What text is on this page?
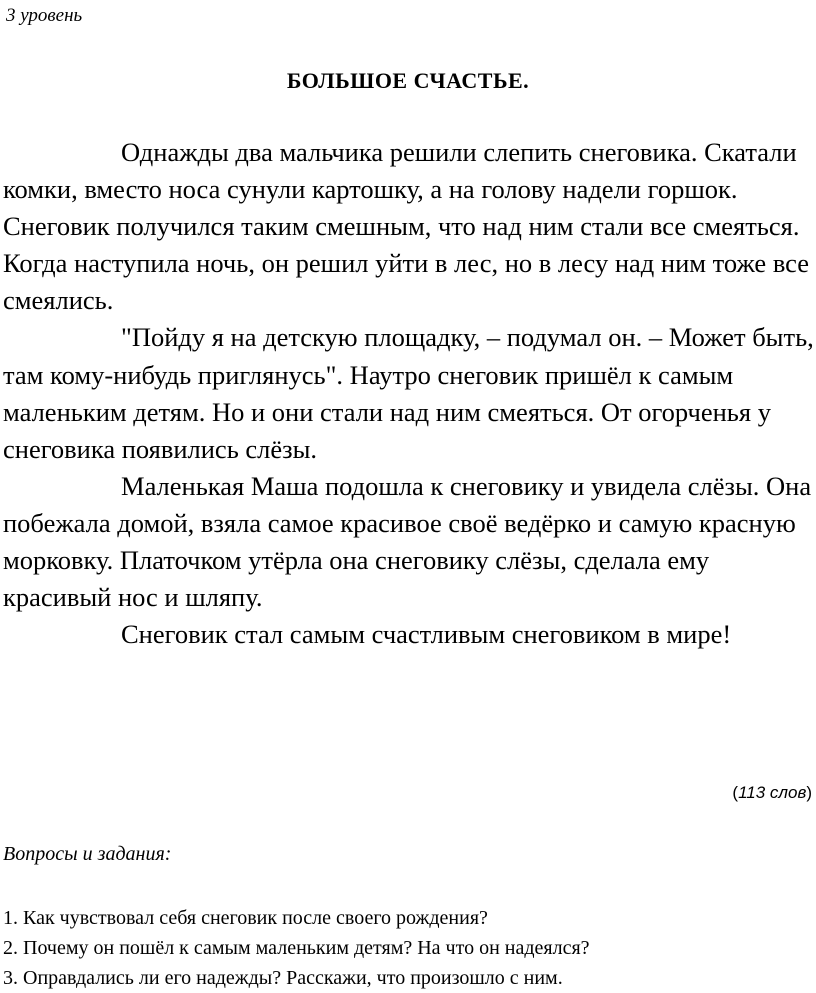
3 уровень
БОЛЬШОЕ СЧАСТЬЕ.

Однажды два мальчика решили слепить снеговика. Скатали комки, вместо носа сунули картошку, а на голову надели горшок. Снеговик получился таким смешным, что над ним стали все смеяться. Когда наступила ночь, он решил уйти в лес, но в лесу над ним тоже все смеялись.

"Пойду я на детскую площадку, – подумал он. – Может быть, там кому-нибудь приглянусь". Наутро снеговик пришёл к самым маленьким детям. Но и они стали над ним смеяться. От огорченья у снеговика появились слёзы.

Маленькая Маша подошла к снеговику и увидела слёзы. Она побежала домой, взяла самое красивое своё ведёрко и самую красную морковку. Платочком утёрла она снеговику слёзы, сделала ему красивый нос и шляпу.

Снеговик стал самым счастливым снеговиком в мире!

(113 слов)
Вопросы и задания:
1. Как чувствовал себя снеговик после своего рождения?
2. Почему он пошёл к самым маленьким детям? На что он надеялся?
3. Оправдались ли его надежды? Расскажи, что произошло с ним.
